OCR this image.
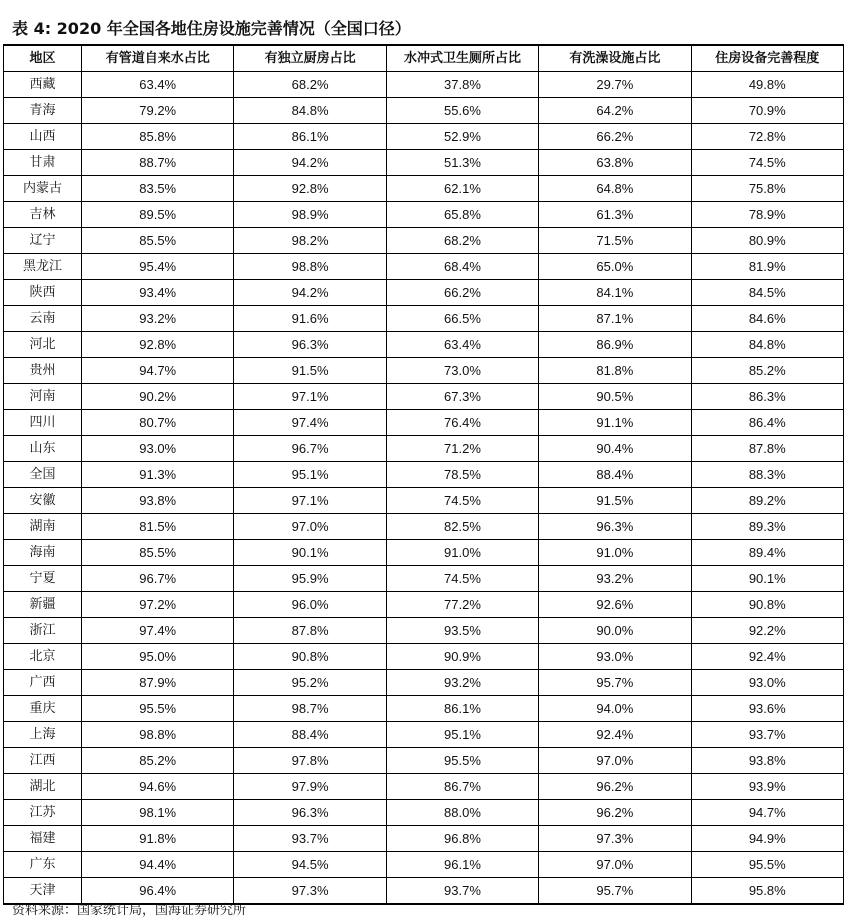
表 4: 2020 年全国各地住房设施完善情况（全国口径）
地区	有管道自来水占比	有独立厨房占比	水冲式卫生厕所占比	有洗澡设施占比	住房设备完善程度
西藏	63.4%	68.2%	37.8%	29.7%	49.8%
青海	79.2%	84.8%	55.6%	64.2%	70.9%
山西	85.8%	86.1%	52.9%	66.2%	72.8%
甘肃	88.7%	94.2%	51.3%	63.8%	74.5%
内蒙古	83.5%	92.8%	62.1%	64.8%	75.8%
吉林	89.5%	98.9%	65.8%	61.3%	78.9%
辽宁	85.5%	98.2%	68.2%	71.5%	80.9%
黑龙江	95.4%	98.8%	68.4%	65.0%	81.9%
陕西	93.4%	94.2%	66.2%	84.1%	84.5%
云南	93.2%	91.6%	66.5%	87.1%	84.6%
河北	92.8%	96.3%	63.4%	86.9%	84.8%
贵州	94.7%	91.5%	73.0%	81.8%	85.2%
河南	90.2%	97.1%	67.3%	90.5%	86.3%
四川	80.7%	97.4%	76.4%	91.1%	86.4%
山东	93.0%	96.7%	71.2%	90.4%	87.8%
全国	91.3%	95.1%	78.5%	88.4%	88.3%
安徽	93.8%	97.1%	74.5%	91.5%	89.2%
湖南	81.5%	97.0%	82.5%	96.3%	89.3%
海南	85.5%	90.1%	91.0%	91.0%	89.4%
宁夏	96.7%	95.9%	74.5%	93.2%	90.1%
新疆	97.2%	96.0%	77.2%	92.6%	90.8%
浙江	97.4%	87.8%	93.5%	90.0%	92.2%
北京	95.0%	90.8%	90.9%	93.0%	92.4%
广西	87.9%	95.2%	93.2%	95.7%	93.0%
重庆	95.5%	98.7%	86.1%	94.0%	93.6%
上海	98.8%	88.4%	95.1%	92.4%	93.7%
江西	85.2%	97.8%	95.5%	97.0%	93.8%
湖北	94.6%	97.9%	86.7%	96.2%	93.9%
江苏	98.1%	96.3%	88.0%	96.2%	94.7%
福建	91.8%	93.7%	96.8%	97.3%	94.9%
广东	94.4%	94.5%	96.1%	97.0%	95.5%
天津	96.4%	97.3%	93.7%	95.7%	95.8%
资料来源：国家统计局，国海证券研究所
